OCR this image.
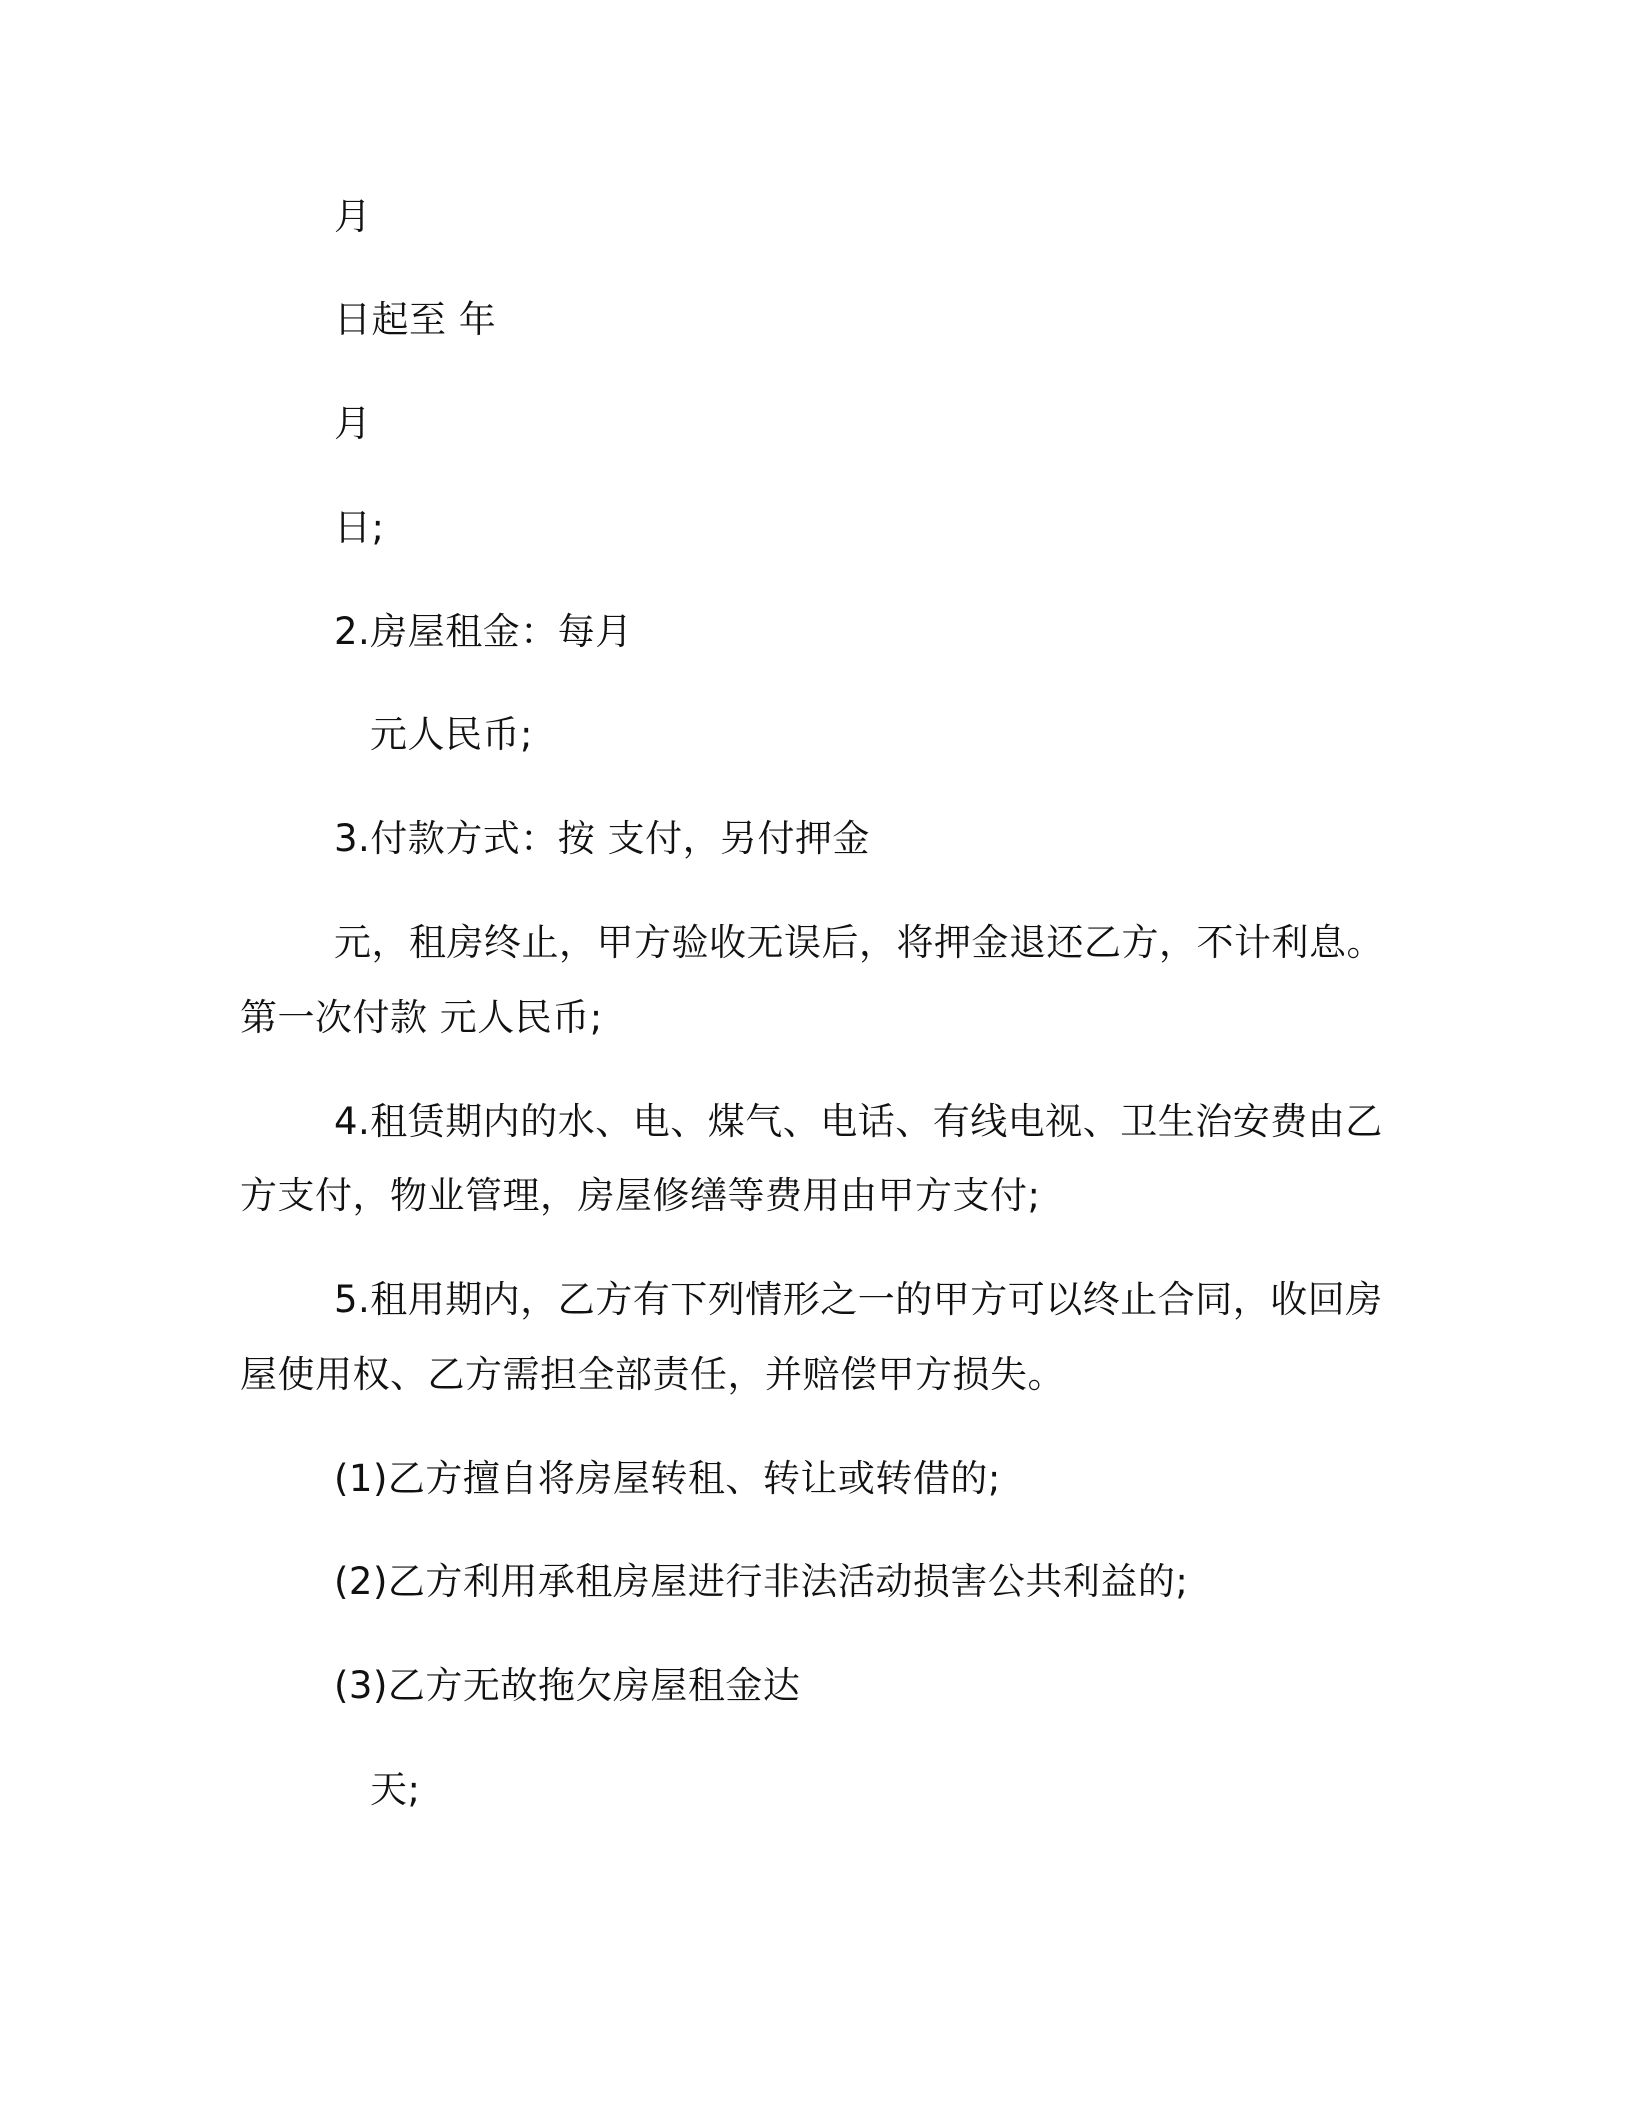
月
日起至 年
月
日;
2.房屋租金：每月
元人民币;
3.付款方式：按 支付，另付押金
元，租房终止，甲方验收无误后，将押金退还乙方，不计利息。
第一次付款 元人民币;
4.租赁期内的水、电、煤气、电话、有线电视、卫生治安费由乙
方支付，物业管理，房屋修缮等费用由甲方支付;
5.租用期内，乙方有下列情形之一的甲方可以终止合同，收回房
屋使用权、乙方需担全部责任，并赔偿甲方损失。
(1)乙方擅自将房屋转租、转让或转借的;
(2)乙方利用承租房屋进行非法活动损害公共利益的;
(3)乙方无故拖欠房屋租金达
天;
